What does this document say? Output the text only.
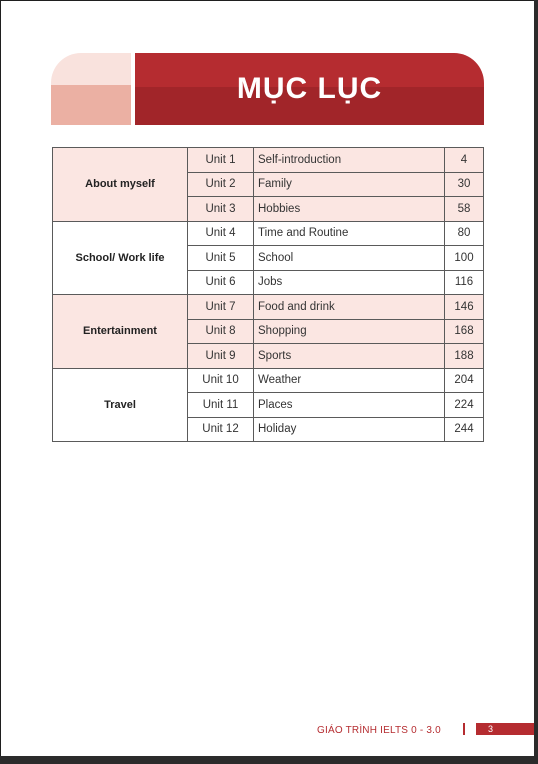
MỤC LỤC
About myself	Unit 1	Self-introduction	4
	Unit 2	Family	30
	Unit 3	Hobbies	58
School/ Work life	Unit 4	Time and Routine	80
	Unit 5	School	100
	Unit 6	Jobs	116
Entertainment	Unit 7	Food and drink	146
	Unit 8	Shopping	168
	Unit 9	Sports	188
Travel	Unit 10	Weather	204
	Unit 11	Places	224
	Unit 12	Holiday	244
GIÁO TRÌNH IELTS 0 - 3.0	3
